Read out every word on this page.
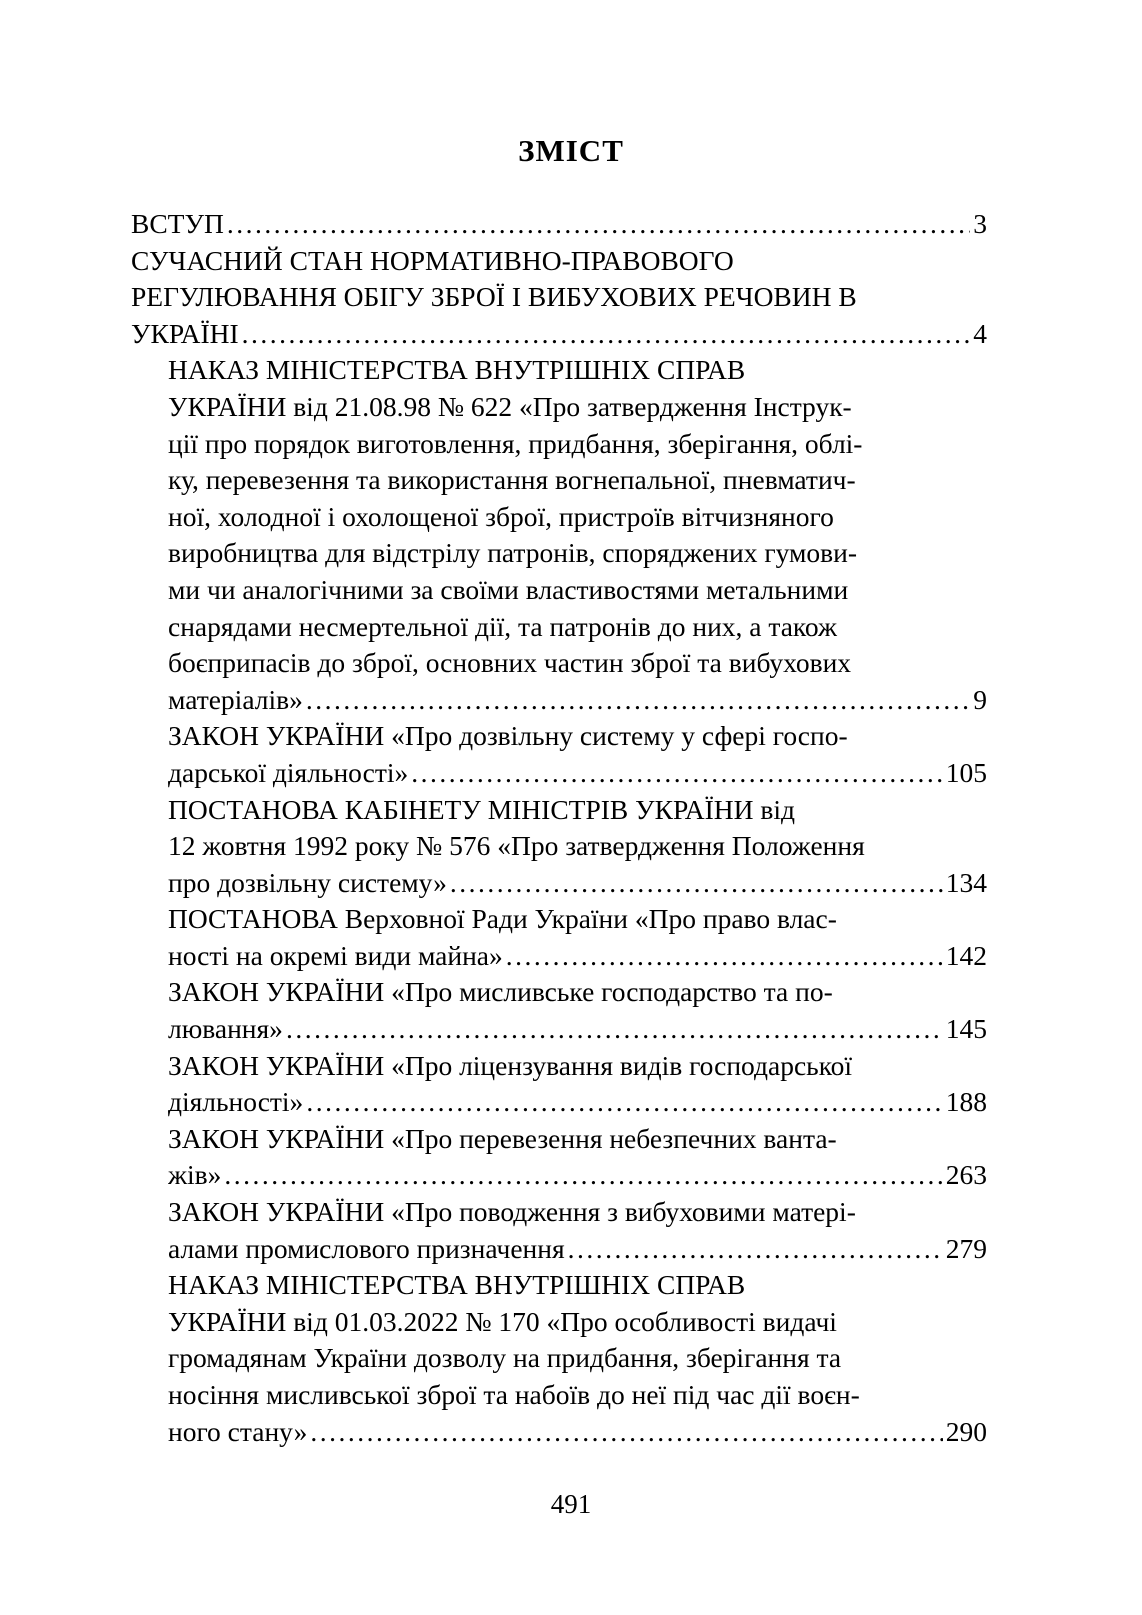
ЗМІСТ
ВСТУП .....	3
СУЧАСНИЙ СТАН НОРМАТИВНО-ПРАВОВОГО
РЕГУЛЮВАННЯ ОБІГУ ЗБРОЇ І ВИБУХОВИХ РЕЧОВИН В
УКРАЇНІ .....	4
НАКАЗ МІНІСТЕРСТВА ВНУТРІШНІХ СПРАВ
УКРАЇНИ від 21.08.98 № 622 «Про затвердження Інструк-
ції про порядок виготовлення, придбання, зберігання, облі-
ку, перевезення та використання вогнепальної, пневматич-
ної, холодної і охолощеної зброї, пристроїв вітчизняного
виробництва для відстрілу патронів, споряджених гумови-
ми чи аналогічними за своїми властивостями метальними
снарядами несмертельної дії, та патронів до них, а також
боєприпасів до зброї, основних частин зброї та вибухових
матеріалів» .....	9
ЗАКОН УКРАЇНИ «Про дозвільну систему у сфері госпо-
дарської діяльності» .....	105
ПОСТАНОВА КАБІНЕТУ МІНІСТРІВ УКРАЇНИ від
12 жовтня 1992 року № 576 «Про затвердження Положення
про дозвільну систему» .....	134
ПОСТАНОВА Верховної Ради України «Про право влас-
ності на окремі види майна» .....	142
ЗАКОН УКРАЇНИ «Про мисливське господарство та по-
лювання» .....	145
ЗАКОН УКРАЇНИ «Про ліцензування видів господарської
діяльності» .....	188
ЗАКОН УКРАЇНИ «Про перевезення небезпечних ванта-
жів» .....	263
ЗАКОН УКРАЇНИ «Про поводження з вибуховими матері-
алами промислового призначення .....	279
НАКАЗ МІНІСТЕРСТВА ВНУТРІШНІХ СПРАВ
УКРАЇНИ від 01.03.2022 № 170 «Про особливості видачі
громадянам України дозволу на придбання, зберігання та
носіння мисливської зброї та набоїв до неї під час дії воєн-
ного стану» .....	290
491
